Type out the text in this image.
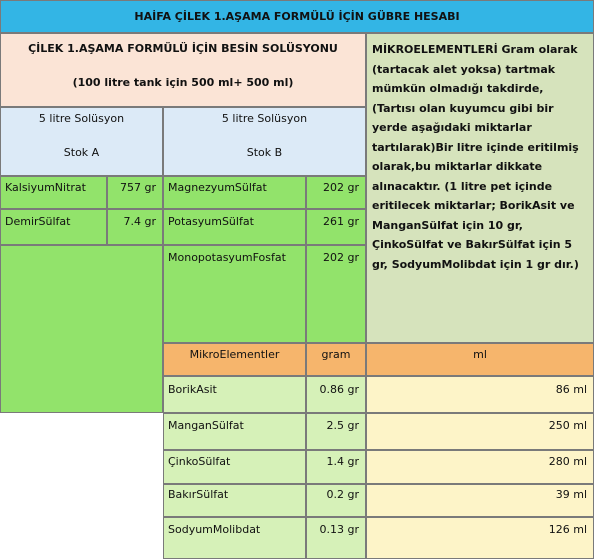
HAİFA ÇİLEK 1.AŞAMA FORMÜLÜ İÇİN GÜBRE HESABI
ÇİLEK 1.AŞAMA FORMÜLÜ İÇİN BESİN SOLÜSYONU
(100 litre tank için 500 ml+ 500 ml)
MİKROELEMENTLERİ Gram olarak (tartacak alet yoksa) tartmak mümkün olmadığı takdirde, (Tartısı olan kuyumcu gibi bir yerde aşağıdaki miktarlar tartılarak)Bir litre içinde eritilmiş olarak,bu miktarlar dikkate alınacaktır. (1 litre pet içinde eritilecek miktarlar; BorikAsit ve ManganSülfat için 10 gr, ÇinkoSülfat ve BakırSülfat için 5 gr, SodyumMolibdat için 1 gr dır.)
5 litre Solüsyon
Stok A
5 litre Solüsyon
Stok B
KalsiyumNitrat	757 gr
DemirSülfat	7.4 gr
MagnezyumSülfat	202 gr
PotasyumSülfat	261 gr
MonopotasyumFosfat	202 gr
MikroElementler	gram	ml
BorikAsit	0.86 gr	86 ml
ManganSülfat	2.5 gr	250 ml
ÇinkoSülfat	1.4 gr	280 ml
BakırSülfat	0.2 gr	39 ml
SodyumMolibdat	0.13 gr	126 ml
